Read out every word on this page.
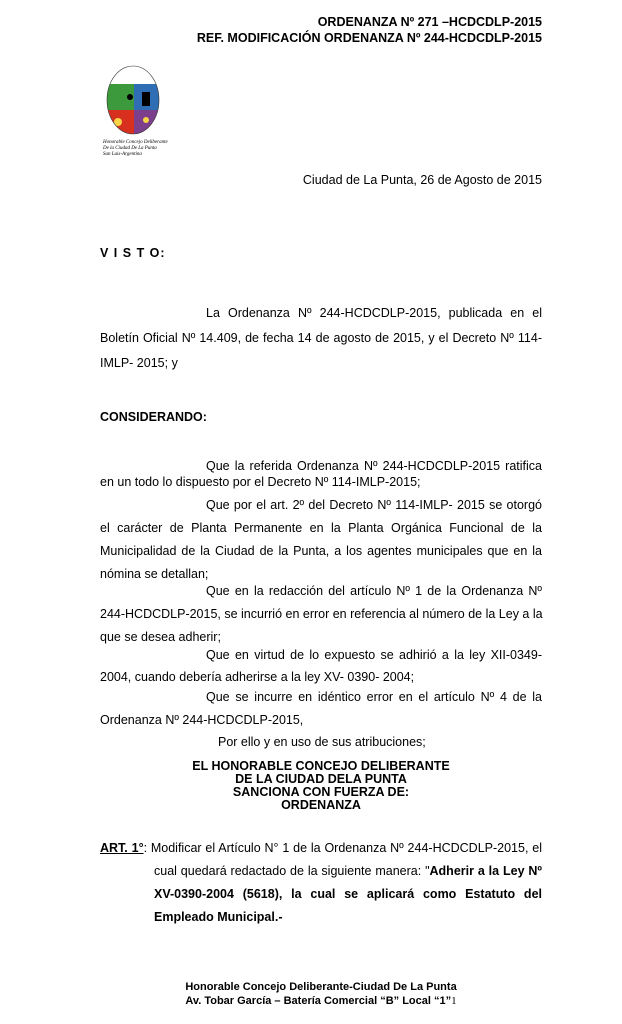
ORDENANZA Nº 271 –HCDCDLP-2015
REF. MODIFICACIÓN ORDENANZA Nº 244-HCDCDLP-2015
Honorable Concejo Deliberante
De la Ciudad De La Punta
San Luis-Argentina
Ciudad de La Punta, 26 de Agosto de 2015
V I S T O:
La Ordenanza Nº 244-HCDCDLP-2015, publicada en el
Boletín Oficial Nº 14.409, de fecha 14 de agosto de 2015, y el Decreto Nº 114-
IMLP- 2015; y
CONSIDERANDO:
Que la referida Ordenanza Nº 244-HCDCDLP-2015 ratifica
en un todo lo dispuesto por el Decreto Nº 114-IMLP-2015;
Que por el art. 2º del Decreto Nº 114-IMLP- 2015 se otorgó
el carácter de Planta Permanente en la Planta Orgánica Funcional de la
Municipalidad de la Ciudad de la Punta, a los agentes municipales que en la
nómina se detallan;
Que en la redacción del artículo Nº 1 de la Ordenanza Nº
244-HCDCDLP-2015, se incurrió en error en referencia al número de la Ley a la
que se desea adherir;
Que en virtud de lo expuesto se adhirió a la ley XII-0349-
2004, cuando debería adherirse a la ley XV- 0390- 2004;
Que se incurre en idéntico error en el artículo Nº 4 de la
Ordenanza Nº 244-HCDCDLP-2015,
Por ello y en uso de sus atribuciones;
EL HONORABLE CONCEJO DELIBERANTE
DE LA CIUDAD DELA PUNTA
SANCIONA CON FUERZA DE:
ORDENANZA
ART. 1°: Modificar el Artículo N° 1 de la Ordenanza Nº 244-HCDCDLP-2015, el
cual quedará redactado de la siguiente manera: "Adherir a la Ley Nº
XV-0390-2004 (5618), la cual se aplicará como Estatuto del
Empleado Municipal.-
Honorable Concejo Deliberante-Ciudad De La Punta
Av. Tobar García – Batería Comercial “B” Local “1”1
